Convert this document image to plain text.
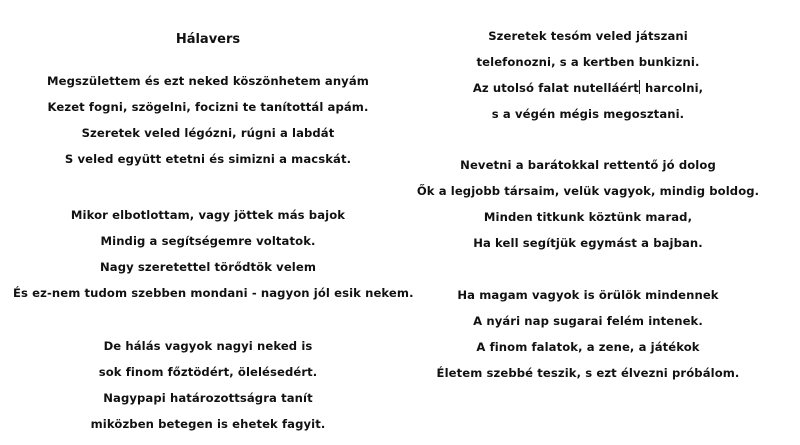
Hálavers
Megszülettem és ezt neked köszönhetem anyám
Kezet fogni, szögelni, focizni te tanítottál apám.
Szeretek veled légózni, rúgni a labdát
S veled együtt etetni és simizni a macskát.
Mikor elbotlottam, vagy jöttek más bajok
Mindig a segítségemre voltatok.
Nagy szeretettel törődtök velem
És ez-nem tudom szebben mondani - nagyon jól esik nekem.
De hálás vagyok nagyi neked is
sok finom főztödért, ölelésedért.
Nagypapi határozottságra tanít
miközben betegen is ehetek fagyit.
Szeretek tesóm veled játszani
telefonozni, s a kertben bunkizni.
Az utolsó falat nutelláért harcolni,
s a végén mégis megosztani.
Nevetni a barátokkal rettentő jó dolog
Ők a legjobb társaim, velük vagyok, mindig boldog.
Minden titkunk köztünk marad,
Ha kell segítjük egymást a bajban.
Ha magam vagyok is örülök mindennek
A nyári nap sugarai felém intenek.
A finom falatok, a zene, a játékok
Életem szebbé teszik, s ezt élvezni próbálom.
